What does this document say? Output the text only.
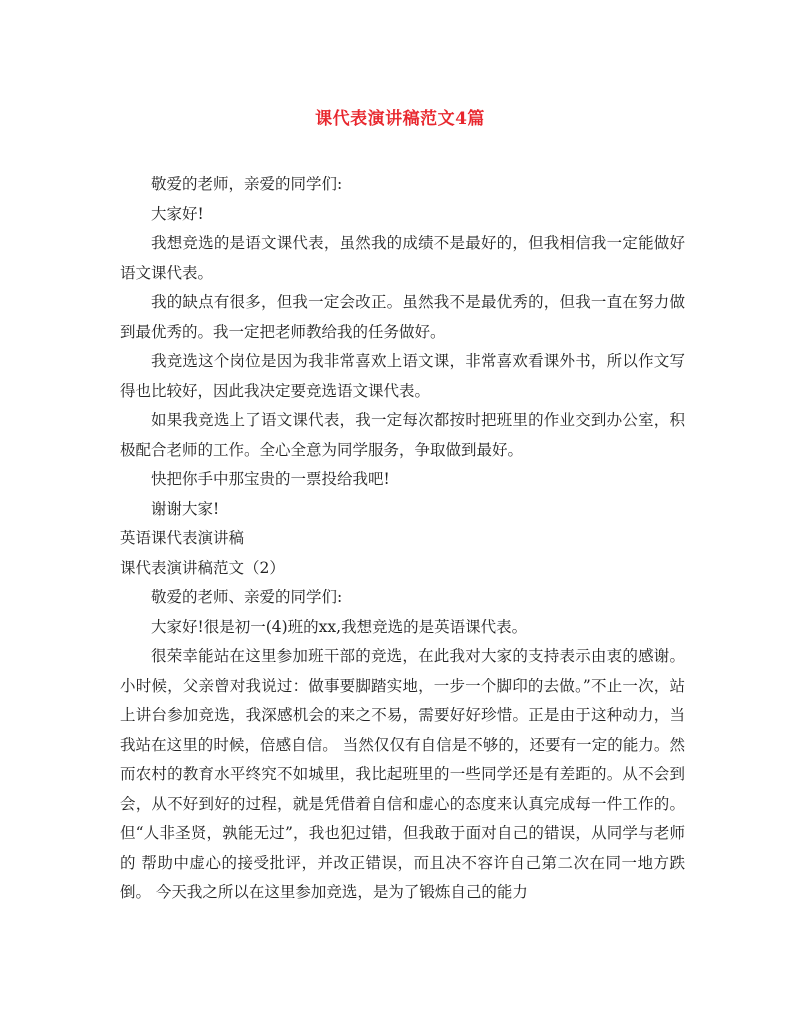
课代表演讲稿范文4篇

敬爱的老师，亲爱的同学们:

大家好!

我想竞选的是语文课代表，虽然我的成绩不是最好的，但我相信我一定能做好语文课代表。

我的缺点有很多，但我一定会改正。虽然我不是最优秀的，但我一直在努力做到最优秀的。我一定把老师教给我的任务做好。

我竞选这个岗位是因为我非常喜欢上语文课，非常喜欢看课外书，所以作文写得也比较好，因此我决定要竞选语文课代表。

如果我竞选上了语文课代表，我一定每次都按时把班里的作业交到办公室，积极配合老师的工作。全心全意为同学服务，争取做到最好。

快把你手中那宝贵的一票投给我吧!

谢谢大家!

英语课代表演讲稿

课代表演讲稿范文（2）

敬爱的老师、亲爱的同学们:

大家好!很是初一(4)班的xx,我想竞选的是英语课代表。

很荣幸能站在这里参加班干部的竞选，在此我对大家的支持表示由衷的感谢。 小时候，父亲曾对我说过：做事要脚踏实地，一步一个脚印的去做。”不止一次，站上讲台参加竞选，我深感机会的来之不易，需要好好珍惜。正是由于这种动力，当我站在这里的时候，倍感自信。 当然仅仅有自信是不够的，还要有一定的能力。然而农村的教育水平终究不如城里，我比起班里的一些同学还是有差距的。从不会到会，从不好到好的过程，就是凭借着自信和虚心的态度来认真完成每一件工作的。但“人非圣贤，孰能无过”，我也犯过错，但我敢于面对自己的错误，从同学与老师的 帮助中虚心的接受批评，并改正错误，而且决不容许自己第二次在同一地方跌倒。 今天我之所以在这里参加竞选，是为了锻炼自己的能力
